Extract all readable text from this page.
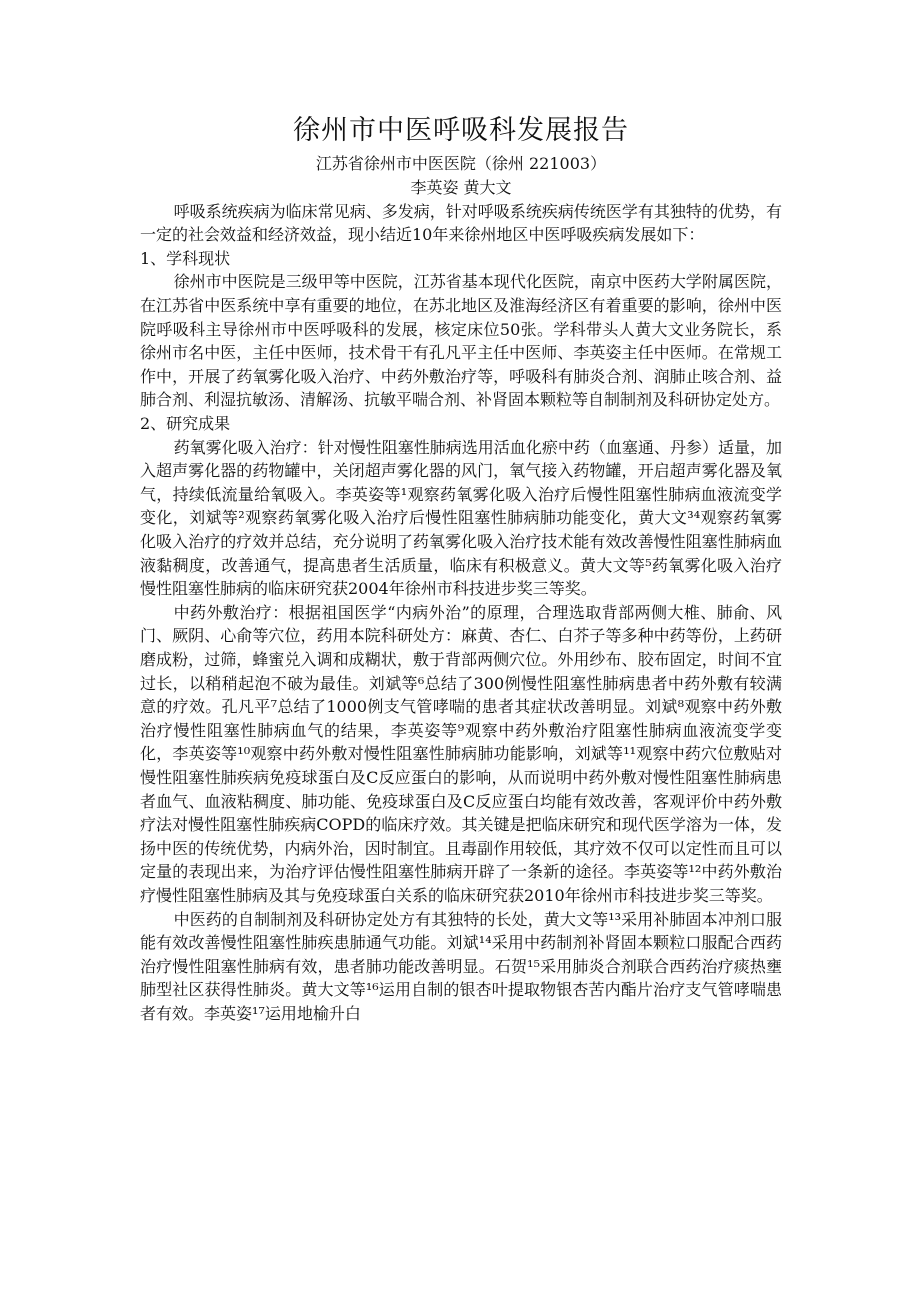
徐州市中医呼吸科发展报告

江苏省徐州市中医医院（徐州 221003）

李英姿 黄大文

呼吸系统疾病为临床常见病、多发病，针对呼吸系统疾病传统医学有其独特的优势，有一定的社会效益和经济效益，现小结近10年来徐州地区中医呼吸疾病发展如下：

1、学科现状

徐州市中医院是三级甲等中医院，江苏省基本现代化医院，南京中医药大学附属医院，在江苏省中医系统中享有重要的地位，在苏北地区及淮海经济区有着重要的影响，徐州中医院呼吸科主导徐州市中医呼吸科的发展，核定床位50张。学科带头人黄大文业务院长，系徐州市名中医，主任中医师，技术骨干有孔凡平主任中医师、李英姿主任中医师。在常规工作中，开展了药氧雾化吸入治疗、中药外敷治疗等，呼吸科有肺炎合剂、润肺止咳合剂、益肺合剂、利湿抗敏汤、清解汤、抗敏平喘合剂、补肾固本颗粒等自制制剂及科研协定处方。

2、研究成果

药氧雾化吸入治疗：针对慢性阻塞性肺病选用活血化瘀中药（血塞通、丹参）适量，加入超声雾化器的药物罐中，关闭超声雾化器的风门，氧气接入药物罐，开启超声雾化器及氧气，持续低流量给氧吸入。李英姿等¹观察药氧雾化吸入治疗后慢性阻塞性肺病血液流变学变化，刘斌等²观察药氧雾化吸入治疗后慢性阻塞性肺病肺功能变化，黄大文³⁴观察药氧雾化吸入治疗的疗效并总结，充分说明了药氧雾化吸入治疗技术能有效改善慢性阻塞性肺病血液黏稠度，改善通气，提高患者生活质量，临床有积极意义。黄大文等⁵药氧雾化吸入治疗慢性阻塞性肺病的临床研究获2004年徐州市科技进步奖三等奖。

中药外敷治疗：根据祖国医学“内病外治”的原理，合理选取背部两侧大椎、肺俞、风门、厥阴、心俞等穴位，药用本院科研处方：麻黄、杏仁、白芥子等多种中药等份，上药研磨成粉，过筛，蜂蜜兑入调和成糊状，敷于背部两侧穴位。外用纱布、胶布固定，时间不宜过长，以稍稍起泡不破为最佳。刘斌等⁶总结了300例慢性阻塞性肺病患者中药外敷有较满意的疗效。孔凡平⁷总结了1000例支气管哮喘的患者其症状改善明显。刘斌⁸观察中药外敷治疗慢性阻塞性肺病血气的结果，李英姿等⁹观察中药外敷治疗阻塞性肺病血液流变学变化，李英姿等¹⁰观察中药外敷对慢性阻塞性肺病肺功能影响，刘斌等¹¹观察中药穴位敷贴对慢性阻塞性肺疾病免疫球蛋白及C反应蛋白的影响，从而说明中药外敷对慢性阻塞性肺病患者血气、血液粘稠度、肺功能、免疫球蛋白及C反应蛋白均能有效改善，客观评价中药外敷疗法对慢性阻塞性肺疾病COPD的临床疗效。其关键是把临床研究和现代医学溶为一体，发扬中医的传统优势，内病外治，因时制宜。且毒副作用较低，其疗效不仅可以定性而且可以定量的表现出来，为治疗评估慢性阻塞性肺病开辟了一条新的途径。李英姿等¹²中药外敷治疗慢性阻塞性肺病及其与免疫球蛋白关系的临床研究获2010年徐州市科技进步奖三等奖。

中医药的自制制剂及科研协定处方有其独特的长处，黄大文等¹³采用补肺固本冲剂口服能有效改善慢性阻塞性肺疾患肺通气功能。刘斌¹⁴采用中药制剂补肾固本颗粒口服配合西药治疗慢性阻塞性肺病有效，患者肺功能改善明显。石贺¹⁵采用肺炎合剂联合西药治疗痰热壅肺型社区获得性肺炎。黄大文等¹⁶运用自制的银杏叶提取物银杏苦内酯片治疗支气管哮喘患者有效。李英姿¹⁷运用地榆升白
